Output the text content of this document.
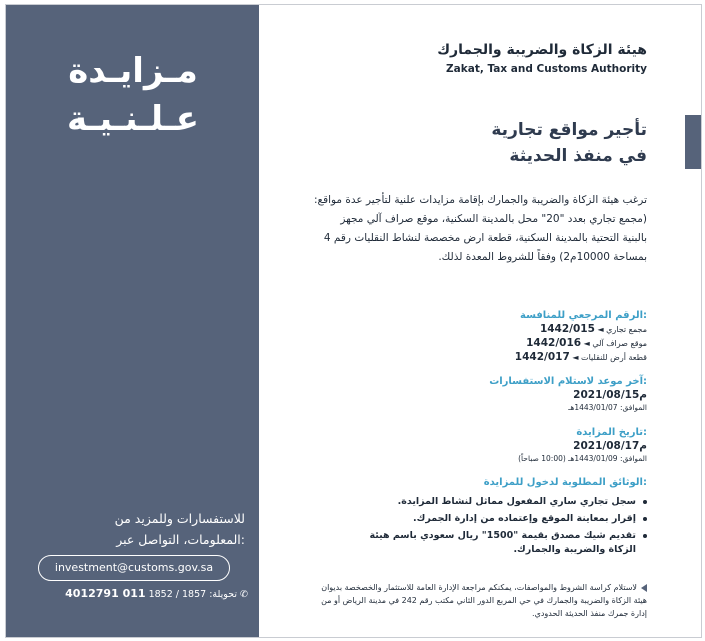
مـزايـدة
عـلـنـيـة
للاستفسارات وللمزيد من
المعلومات، التواصل عبر:
investment@customs.gov.sa
تحويلة: 1857 / 1852 011 4012791	✆
هيئة الزكاة والضريبة والجمارك
Zakat, Tax and Customs Authority
تأجير مواقع تجارية
في منفذ الحديثة
ترغب هيئة الزكاة والضريبة والجمارك بإقامة مزايدات علنية لتأجير عدة مواقع: (مجمع تجاري بعدد "20" محل بالمدينة السكنية، موقع صراف آلي مجهز بالبنية التحتية بالمدينة السكنية، قطعة ارض مخصصة لنشاط النقليات رقم 4 بمساحة 10000م2) وفقاً للشروط المعدة لذلك.
الرقم المرجعي للمنافسة:
مجمع تجاري ◄ 1442/015
موقع صراف آلي ◄ 1442/016
قطعة أرض للنقليات ◄ 1442/017
آخر موعد لاستلام الاستفسارات:
2021/08/15م
الموافق: 1443/01/07هـ
تاريخ المزايدة:
2021/08/17م
الموافق: 1443/01/09هـ (10:00 صباحاً)
الوثائق المطلوبة لدخول للمزايدة:
سجل تجاري ساري المفعول مماثل لنشاط المزايدة.
إقرار بمعاينة الموقع وإعتماده من إدارة الجمرك.
تقديم شيك مصدق بقيمة "1500" ريال سعودي باسم هيئة الزكاة والضريبة والجمارك.
لاستلام كراسة الشروط والمواصفات، يمكنكم مراجعة الإدارة العامة للاستثمار والخصخصة بديوان هيئة الزكاة والضريبة والجمارك في حي المربع الدور الثاني مكتب رقم 242 في مدينة الرياض أو من إدارة جمرك منفذ الحديثة الحدودي.
